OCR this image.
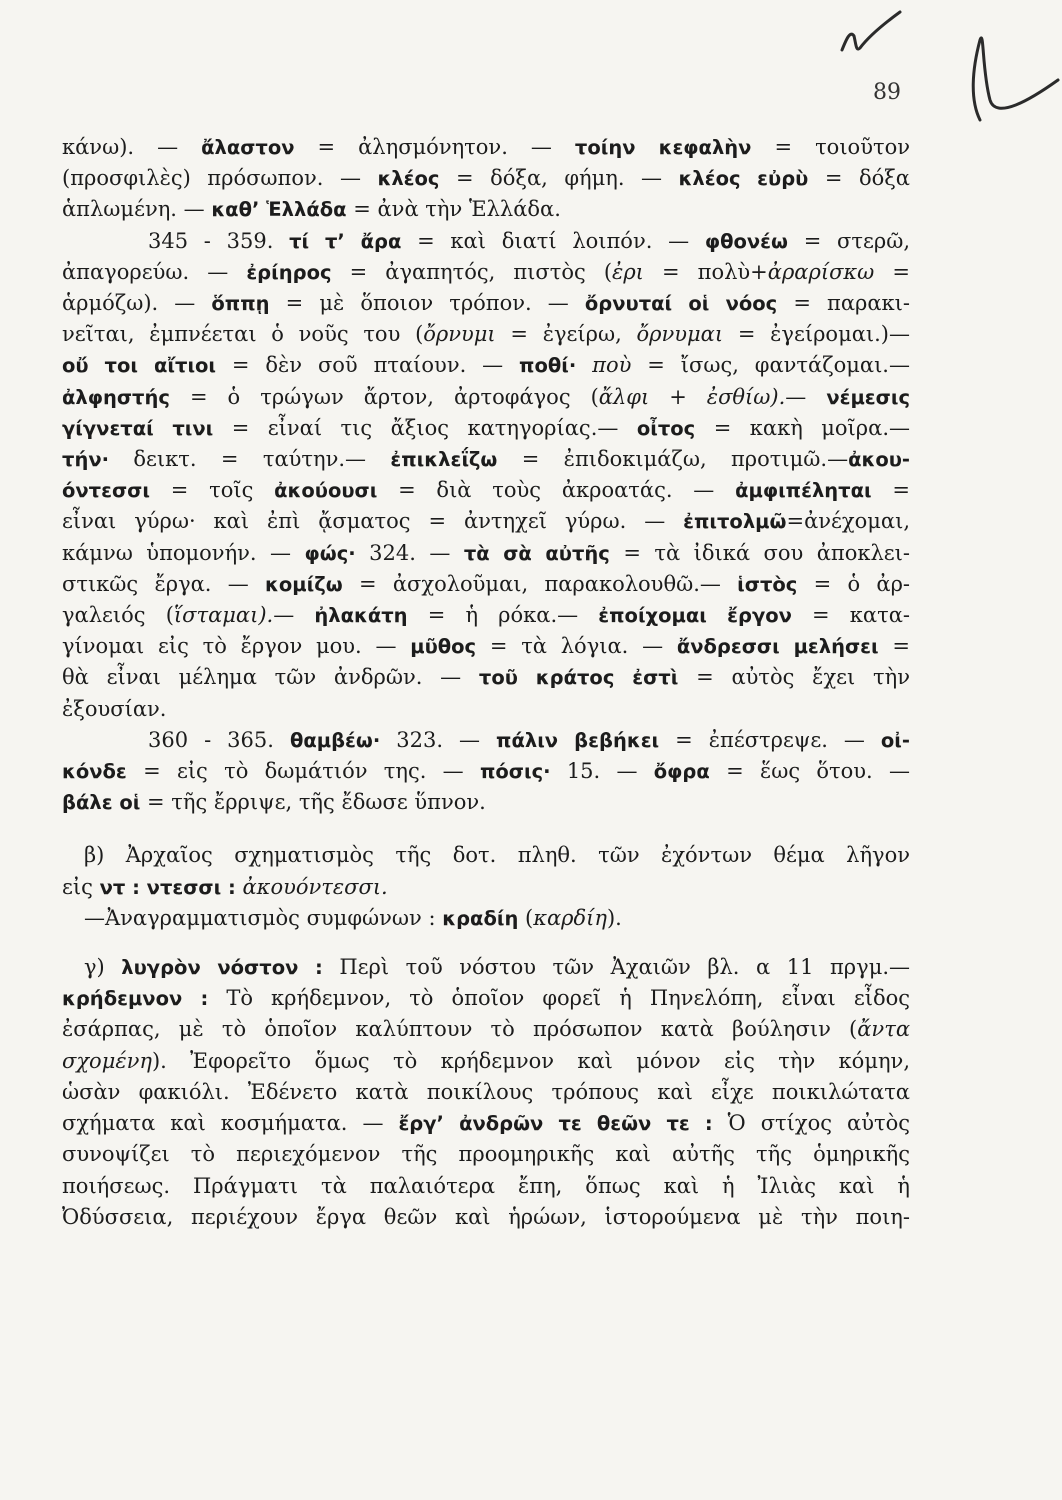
89
κάνω). — ἄλαστον = ἀλησμόνητον. — τοίην κεφαλὴν = τοιοῦτον
(προσφιλὲς) πρόσωπον. — κλέος = δόξα, φήμη. — κλέος εὐρὺ = δόξα
ἁπλωμένη. — καθ’ Ἑλλάδα = ἀνὰ τὴν Ἑλλάδα.
345 - 359. τί τ’ ἄρα = καὶ διατί λοιπόν. — φθονέω = στερῶ,
ἀπαγορεύω. — ἐρίηρος = ἀγαπητός, πιστὸς (ἐρι = πολὺ+ἀραρίσκω =
ἁρμόζω). — ὅππῃ = μὲ ὅποιον τρόπον. — ὄρνυταί οἱ νόος = παρακι-
νεῖται, ἐμπνέεται ὁ νοῦς του (ὄρνυμι = ἐγείρω, ὄρνυμαι = ἐγείρομαι.)—
οὔ τοι αἴτιοι = δὲν σοῦ πταίουν. — ποθί· ποὺ = ἴσως, φαντάζομαι.—
ἀλφηστής = ὁ τρώγων ἄρτον, ἀρτοφάγος (ἄλφι + ἐσθίω).— νέμεσις
γίγνεταί τινι = εἶναί τις ἄξιος κατηγορίας.— οἶτος = κακὴ μοῖρα.—
τήν· δεικτ. = ταύτην.— ἐπικλεΐζω = ἐπιδοκιμάζω, προτιμῶ.—ἀκου-
όντεσσι = τοῖς ἀκούουσι = διὰ τοὺς ἀκροατάς. — ἀμφιπέληται =
εἶναι γύρω· καὶ ἐπὶ ᾄσματος = ἀντηχεῖ γύρω. — ἐπιτολμῶ=ἀνέχομαι,
κάμνω ὑπομονήν. — φώς· 324. — τὰ σὰ αὐτῆς = τὰ ἰδικά σου ἀποκλει-
στικῶς ἔργα. — κομίζω = ἀσχολοῦμαι, παρακολουθῶ.— ἱστὸς = ὁ ἀρ-
γαλειός (ἵσταμαι).— ἠλακάτη = ἡ ρόκα.— ἐποίχομαι ἔργον = κατα-
γίνομαι εἰς τὸ ἔργον μου. — μῦθος = τὰ λόγια. — ἄνδρεσσι μελήσει =
θὰ εἶναι μέλημα τῶν ἀνδρῶν. — τοῦ κράτος ἐστὶ = αὐτὸς ἔχει τὴν
ἐξουσίαν.
360 - 365. θαμβέω· 323. — πάλιν βεβήκει = ἐπέστρεψε. — οἰ-
κόνδε = εἰς τὸ δωμάτιόν της. — πόσις· 15. — ὄφρα = ἕως ὅτου. —
βάλε οἱ = τῆς ἔρριψε, τῆς ἔδωσε ὕπνον.
β) Ἀρχαῖος σχηματισμὸς τῆς δοτ. πληθ. τῶν ἐχόντων θέμα λῆγον
εἰς ντ : ντεσσι : ἀκουόντεσσι.
—Ἀναγραμματισμὸς συμφώνων : κραδίη (καρδίη).
γ) λυγρὸν νόστον : Περὶ τοῦ νόστου τῶν Ἀχαιῶν βλ. α 11 πργμ.—
κρήδεμνον : Τὸ κρήδεμνον, τὸ ὁποῖον φορεῖ ἡ Πηνελόπη, εἶναι εἶδος
ἐσάρπας, μὲ τὸ ὁποῖον καλύπτουν τὸ πρόσωπον κατὰ βούλησιν (ἄντα
σχομένη). Ἐφορεῖτο ὅμως τὸ κρήδεμνον καὶ μόνον εἰς τὴν κόμην,
ὡσὰν φακιόλι. Ἐδένετο κατὰ ποικίλους τρόπους καὶ εἶχε ποικιλώτατα
σχήματα καὶ κοσμήματα. — ἔργ’ ἀνδρῶν τε θεῶν τε : Ὁ στίχος αὐτὸς
συνοψίζει τὸ περιεχόμενον τῆς προομηρικῆς καὶ αὐτῆς τῆς ὁμηρικῆς
ποιήσεως. Πράγματι τὰ παλαιότερα ἔπη, ὅπως καὶ ἡ Ἰλιὰς καὶ ἡ
Ὀδύσσεια, περιέχουν ἔργα θεῶν καὶ ἡρώων, ἱστορούμενα μὲ τὴν ποιη-
